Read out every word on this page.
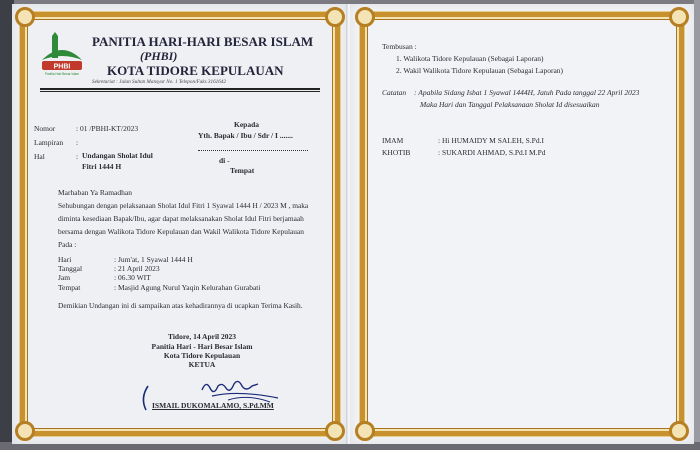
PHBI
Panitia Hari Besar Islam
PANITIA HARI-HARI BESAR ISLAM
(PHBI)
KOTA TIDORE KEPULAUAN
Sekretariat : Jalan Sultan Mansyur No. 1 Telepon/Faks 3161642
Nomor	: 01 /PBHI-KT/2023
Lampiran :
Hal	: Undangan Sholat Idul
Fitri 1444 H
Kepada
Yth. Bapak / Ibu / Sdr / I .......
di -
Tempat
Marhaban Ya Ramadhan
Sehubungan dengan pelaksanaan Sholat Idul Fitri 1 Syawal 1444 H / 2023 M , maka diminta kesediaan Bapak/Ibu, agar dapat melaksanakan Sholat Idul Fitri berjamaah bersama dengan Walikota Tidore Kepulauan dan Wakil Walikota Tidore Kepulauan Pada :
Hari	: Jum'at, 1 Syawal 1444 H
Tanggal	: 21 April 2023
Jam	: 06.30 WIT
Tempat	: Masjid Agung Nurul Yaqin Kelurahan Gurabati
Demikian Undangan ini di sampaikan atas kehadirannya di ucapkan Terima Kasih.
Tidore, 14 April 2023
Panitia Hari - Hari Besar Islam
Kota Tidore Kepulauan
KETUA
ISMAIL DUKOMALAMO, S.Pd.MM
Tembusan :
1. Walikota Tidore Kepulauan (Sebagai Laporan)
2. Wakil Walikota Tidore Kepulauan (Sebagai Laporan)
Catatan : Apabila Sidang Isbat 1 Syawal 1444H, Jatuh Pada tanggal 22 April 2023
Maka Hari dan Tanggal Pelaksanaan Sholat Id disesuaikan
IMAM	: Hi HUMAIDY M SALEH, S.Pd.I
KHOTIB	: SUKARDI AHMAD, S.Pd.I M.Pd
